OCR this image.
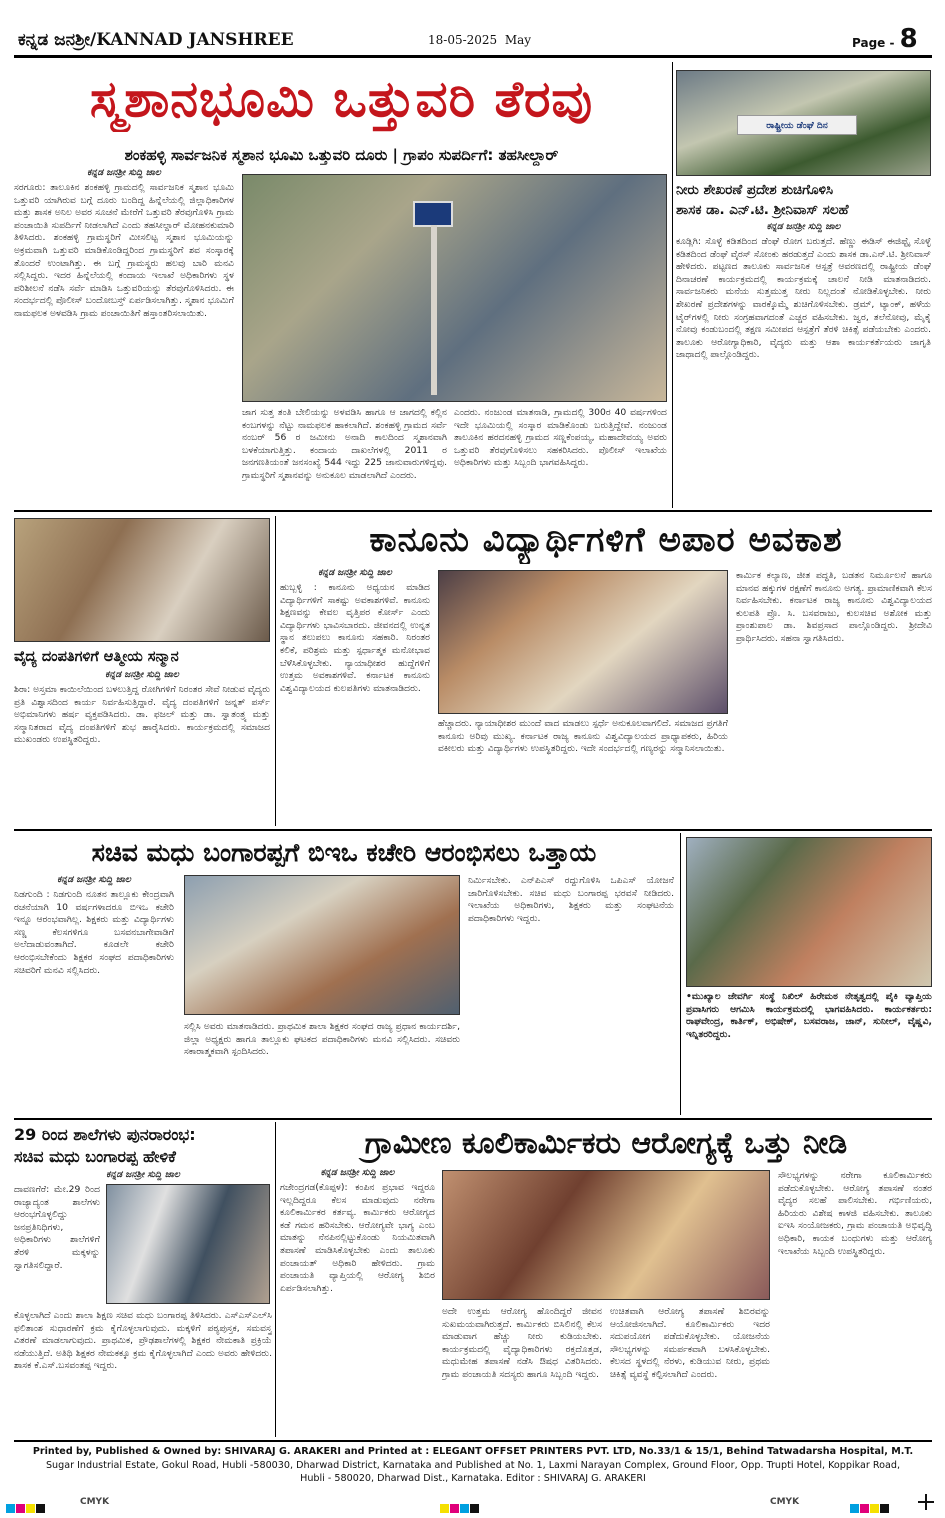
ಕನ್ನಡ ಜನಶ್ರೀ/KANNAD JANSHREE	18-05-2025 May	Page - 8
ಸ್ಮಶಾನಭೂಮಿ ಒತ್ತುವರಿ ತೆರವು
ಶಂಕಹಳ್ಳಿ ಸಾರ್ವಜನಿಕ ಸ್ಮಶಾನ ಭೂಮಿ ಒತ್ತುವರಿ ದೂರು | ಗ್ರಾಪಂ ಸುಪರ್ದಿಗೆ: ತಹಸೀಲ್ದಾರ್
ಕನ್ನಡ ಜನಶ್ರೀ ಸುದ್ದಿ ಜಾಲ
ಸರಗೂರು: ತಾಲೂಕಿನ ಶಂಕಹಳ್ಳಿ ಗ್ರಾಮದಲ್ಲಿ ಸಾರ್ವಜನಿಕ ಸ್ಮಶಾನ ಭೂಮಿ ಒತ್ತುವರಿ ಯಾಗಿರುವ ಬಗ್ಗೆ ದೂರು ಬಂದಿದ್ದ ಹಿನ್ನೆಲೆಯಲ್ಲಿ ಜಿಲ್ಲಾಧಿಕಾರಿಗಳ ಮತ್ತು ಶಾಸಕ ಅನಿಲ ಅವರ ಸೂಚನೆ ಮೇರೆಗೆ ಒತ್ತುವರಿ ತೆರವುಗೊಳಿಸಿ ಗ್ರಾಮ ಪಂಚಾಯಿತಿ ಸುಪರ್ದಿಗೆ ನೀಡಲಾಗಿದೆ ಎಂದು ತಹಸೀಲ್ದಾರ್ ಮೋಹನಕುಮಾರಿ ತಿಳಿಸಿದರು. ಶಂಕಹಳ್ಳಿ ಗ್ರಾಮಸ್ಥರಿಗೆ ಮೀಸಲಿಟ್ಟ ಸ್ಮಶಾನ ಭೂಮಿಯನ್ನು ಅಕ್ರಮವಾಗಿ ಒತ್ತುವರಿ ಮಾಡಿಕೊಂಡಿದ್ದರಿಂದ ಗ್ರಾಮಸ್ಥರಿಗೆ ಶವ ಸಂಸ್ಕಾರಕ್ಕೆ ತೊಂದರೆ ಉಂಟಾಗಿತ್ತು. ಈ ಬಗ್ಗೆ ಗ್ರಾಮಸ್ಥರು ಹಲವು ಬಾರಿ ಮನವಿ ಸಲ್ಲಿಸಿದ್ದರು. ಇದರ ಹಿನ್ನೆಲೆಯಲ್ಲಿ ಕಂದಾಯ ಇಲಾಖೆ ಅಧಿಕಾರಿಗಳು ಸ್ಥಳ ಪರಿಶೀಲನೆ ನಡೆಸಿ ಸರ್ವೆ ಮಾಡಿಸಿ ಒತ್ತುವರಿಯನ್ನು ತೆರವುಗೊಳಿಸಿದರು. ಈ ಸಂದರ್ಭದಲ್ಲಿ ಪೊಲೀಸ್ ಬಂದೋಬಸ್ತ್ ಏರ್ಪಡಿಸಲಾಗಿತ್ತು. ಸ್ಮಶಾನ ಭೂಮಿಗೆ ನಾಮಫಲಕ ಅಳವಡಿಸಿ ಗ್ರಾಮ ಪಂಚಾಯಿತಿಗೆ ಹಸ್ತಾಂತರಿಸಲಾಯಿತು.
ಜಾಗ ಸುತ್ತ ತಂತಿ ಬೇಲಿಯನ್ನು ಅಳವಡಿಸಿ ಹಾಗೂ ಆ ಜಾಗದಲ್ಲಿ ಕಲ್ಲಿನ ಕಂಬಗಳನ್ನು ನೆಟ್ಟು ನಾಮಫಲಕ ಹಾಕಲಾಗಿದೆ. ಶಂಕಹಳ್ಳಿ ಗ್ರಾಮದ ಸರ್ವೆ ನಂಬರ್ 56 ರ ಜಮೀನು ಅನಾದಿ ಕಾಲದಿಂದ ಸ್ಮಶಾನವಾಗಿ ಬಳಕೆಯಾಗುತ್ತಿತ್ತು. ಕಂದಾಯ ದಾಖಲೆಗಳಲ್ಲಿ 2011 ರ ಜನಗಣತಿಯಂತೆ ಜನಸಂಖ್ಯೆ 544 ಇದ್ದು 225 ಜಾನುವಾರುಗಳಿದ್ದವು. ಗ್ರಾಮಸ್ಥರಿಗೆ ಸ್ಮಶಾನವನ್ನು ಅನುಕೂಲ ಮಾಡಲಾಗಿದೆ ಎಂದರು.
ಎಂದರು. ನಂಜುಂಡ ಮಾತನಾಡಿ, ಗ್ರಾಮದಲ್ಲಿ 300ರ 40 ವರ್ಷಗಳಿಂದ ಇದೇ ಭೂಮಿಯಲ್ಲಿ ಸಂಸ್ಕಾರ ಮಾಡಿಕೊಂಡು ಬರುತ್ತಿದ್ದೇವೆ. ನಂಜುಂಡ ತಾಲೂಕಿನ ಹರದನಹಳ್ಳಿ ಗ್ರಾಮದ ಸಣ್ಣಕೆಂಪಯ್ಯ, ಮಹಾದೇವಯ್ಯ ಅವರು ಒತ್ತುವರಿ ತೆರವುಗೊಳಿಸಲು ಸಹಕರಿಸಿದರು. ಪೊಲೀಸ್ ಇಲಾಖೆಯ ಅಧಿಕಾರಿಗಳು ಮತ್ತು ಸಿಬ್ಬಂದಿ ಭಾಗವಹಿಸಿದ್ದರು.
ರಾಷ್ಟ್ರೀಯ ಡೆಂಘೆ ದಿನ
ನೀರು ಶೇಖರಣೆ ಪ್ರದೇಶ ಶುಚಿಗೊಳಿಸಿ
ಶಾಸಕ ಡಾ. ಎನ್.ಟಿ. ಶ್ರೀನಿವಾಸ್ ಸಲಹೆ
ಕನ್ನಡ ಜನಶ್ರೀ ಸುದ್ದಿ ಜಾಲ
ಕೂಡ್ಲಿಗಿ: ಸೊಳ್ಳೆ ಕಡಿತದಿಂದ ಡೆಂಘೆ ರೋಗ ಬರುತ್ತದೆ. ಹೆಣ್ಣು ಈಡಿಸ್ ಈಜಿಪ್ಟೈ ಸೊಳ್ಳೆ ಕಡಿತದಿಂದ ಡೆಂಘೆ ವೈರಸ್ ಸೋಂಕು ಹರಡುತ್ತದೆ ಎಂದು ಶಾಸಕ ಡಾ.ಎನ್.ಟಿ. ಶ್ರೀನಿವಾಸ್ ಹೇಳಿದರು. ಪಟ್ಟಣದ ತಾಲೂಕು ಸಾರ್ವಜನಿಕ ಆಸ್ಪತ್ರೆ ಆವರಣದಲ್ಲಿ ರಾಷ್ಟ್ರೀಯ ಡೆಂಘೆ ದಿನಾಚರಣೆ ಕಾರ್ಯಕ್ರಮದಲ್ಲಿ ಕಾರ್ಯಕ್ರಮಕ್ಕೆ ಚಾಲನೆ ನೀಡಿ ಮಾತನಾಡಿದರು. ಸಾರ್ವಜನಿಕರು ಮನೆಯ ಸುತ್ತಮುತ್ತ ನೀರು ನಿಲ್ಲದಂತೆ ನೋಡಿಕೊಳ್ಳಬೇಕು. ನೀರು ಶೇಖರಣೆ ಪ್ರದೇಶಗಳನ್ನು ವಾರಕ್ಕೊಮ್ಮೆ ಶುಚಿಗೊಳಿಸಬೇಕು. ಡ್ರಮ್, ಟ್ಯಾಂಕ್, ಹಳೆಯ ಟೈರ್‌ಗಳಲ್ಲಿ ನೀರು ಸಂಗ್ರಹವಾಗದಂತೆ ಎಚ್ಚರ ವಹಿಸಬೇಕು. ಜ್ವರ, ತಲೆನೋವು, ಮೈಕೈ ನೋವು ಕಂಡುಬಂದಲ್ಲಿ ತಕ್ಷಣ ಸಮೀಪದ ಆಸ್ಪತ್ರೆಗೆ ತೆರಳಿ ಚಿಕಿತ್ಸೆ ಪಡೆಯಬೇಕು ಎಂದರು. ತಾಲೂಕು ಆರೋಗ್ಯಾಧಿಕಾರಿ, ವೈದ್ಯರು ಮತ್ತು ಆಶಾ ಕಾರ್ಯಕರ್ತೆಯರು ಜಾಗೃತಿ ಜಾಥಾದಲ್ಲಿ ಪಾಲ್ಗೊಂಡಿದ್ದರು.
ವೈದ್ಯ ದಂಪತಿಗಳಿಗೆ ಆತ್ಮೀಯ ಸನ್ಮಾನ
ಕನ್ನಡ ಜನಶ್ರೀ ಸುದ್ದಿ ಜಾಲ
ಶಿರಾ: ಅಸ್ತಮಾ ಕಾಯಿಲೆಯಿಂದ ಬಳಲುತ್ತಿದ್ದ ರೋಗಿಗಳಿಗೆ ನಿರಂತರ ಸೇವೆ ನೀಡುವ ವೈದ್ಯರು ಪ್ರತಿ ವಿಶ್ವಾಸದಿಂದ ಕಾರ್ಯ ನಿರ್ವಹಿಸುತ್ತಿದ್ದಾರೆ. ವೈದ್ಯ ದಂಪತಿಗಳಿಗೆ ಜನ್ನತ್ ಪರ್ಸ್ ಅಭಿಮಾನಿಗಳು ಹರ್ಷ ವ್ಯಕ್ತಪಡಿಸಿದರು. ಡಾ. ಫಜಲ್ ಮತ್ತು ಡಾ. ಸ್ವಾತಂತ್ರ್ಯ ಮತ್ತು ಸನ್ಮಾನಿತರಾದ ವೈದ್ಯ ದಂಪತಿಗಳಿಗೆ ಶುಭ ಹಾರೈಸಿದರು. ಕಾರ್ಯಕ್ರಮದಲ್ಲಿ ಸಮಾಜದ ಮುಖಂಡರು ಉಪಸ್ಥಿತರಿದ್ದರು.
ಕಾನೂನು ವಿದ್ಯಾರ್ಥಿಗಳಿಗೆ ಅಪಾರ ಅವಕಾಶ
ಕನ್ನಡ ಜನಶ್ರೀ ಸುದ್ದಿ ಜಾಲ
ಹುಬ್ಬಳ್ಳಿ : ಕಾನೂನು ಅಧ್ಯಯನ ಮಾಡಿದ ವಿದ್ಯಾರ್ಥಿಗಳಿಗೆ ಸಾಕಷ್ಟು ಅವಕಾಶಗಳಿವೆ. ಕಾನೂನು ಶಿಕ್ಷಣವನ್ನು ಕೇವಲ ವೃತ್ತಿಪರ ಕೋರ್ಸ್ ಎಂದು ವಿದ್ಯಾರ್ಥಿಗಳು ಭಾವಿಸಬಾರದು. ಜೀವನದಲ್ಲಿ ಉನ್ನತ ಸ್ಥಾನ ತಲುಪಲು ಕಾನೂನು ಸಹಕಾರಿ. ನಿರಂತರ ಕಲಿಕೆ, ಪರಿಶ್ರಮ ಮತ್ತು ಸ್ಪರ್ಧಾತ್ಮಕ ಮನೋಭಾವ ಬೆಳೆಸಿಕೊಳ್ಳಬೇಕು. ನ್ಯಾಯಾಧೀಶರ ಹುದ್ದೆಗಳಿಗೆ ಉತ್ತಮ ಅವಕಾಶಗಳಿವೆ. ಕರ್ನಾಟಕ ಕಾನೂನು ವಿಶ್ವವಿದ್ಯಾಲಯದ ಕುಲಪತಿಗಳು ಮಾತನಾಡಿದರು.
ಹೆಚ್ಚಾದರು. ನ್ಯಾಯಾಧೀಶರ ಮುಂದೆ ವಾದ ಮಾಡಲು ಸ್ಪರ್ಧೆ ಅನುಕೂಲವಾಗಲಿದೆ. ಸಮಾಜದ ಪ್ರಗತಿಗೆ ಕಾನೂನು ಅರಿವು ಮುಖ್ಯ. ಕರ್ನಾಟಕ ರಾಜ್ಯ ಕಾನೂನು ವಿಶ್ವವಿದ್ಯಾಲಯದ ಪ್ರಾಧ್ಯಾಪಕರು, ಹಿರಿಯ ವಕೀಲರು ಮತ್ತು ವಿದ್ಯಾರ್ಥಿಗಳು ಉಪಸ್ಥಿತರಿದ್ದರು. ಇದೇ ಸಂದರ್ಭದಲ್ಲಿ ಗಣ್ಯರನ್ನು ಸನ್ಮಾನಿಸಲಾಯಿತು.
ಕಾರ್ಮಿಕ ಕಲ್ಯಾಣ, ಜೀತ ಪದ್ಧತಿ, ಬಡತನ ನಿರ್ಮೂಲನೆ ಹಾಗೂ ಮಾನವ ಹಕ್ಕುಗಳ ರಕ್ಷಣೆಗೆ ಕಾನೂನು ಅಗತ್ಯ. ಪ್ರಾಮಾಣಿಕವಾಗಿ ಕೆಲಸ ನಿರ್ವಹಿಸಬೇಕು. ಕರ್ನಾಟಕ ರಾಜ್ಯ ಕಾನೂನು ವಿಶ್ವವಿದ್ಯಾಲಯದ ಕುಲಪತಿ ಪ್ರೊ. ಸಿ. ಬಸವರಾಜು, ಕುಲಸಚಿವ ಅಶೋಕ ಮತ್ತು ಪ್ರಾಂಶುಪಾಲ ಡಾ. ಶಿವಪ್ರಸಾದ ಪಾಲ್ಗೊಂಡಿದ್ದರು. ಶ್ರೀದೇವಿ ಪ್ರಾರ್ಥಿಸಿದರು. ಸಹನಾ ಸ್ವಾಗತಿಸಿದರು.
ಸಚಿವ ಮಧು ಬಂಗಾರಪ್ಪಗೆ ಬಿಇಒ ಕಚೇರಿ ಆರಂಭಿಸಲು ಒತ್ತಾಯ
ಕನ್ನಡ ಜನಶ್ರೀ ಸುದ್ದಿ ಜಾಲ
ನಿಡಗುಂದಿ : ನಿಡಗುಂದಿ ನೂತನ ತಾಲ್ಲೂಕು ಕೇಂದ್ರವಾಗಿ ರಚನೆಯಾಗಿ 10 ವರ್ಷಗಳಾದರೂ ಬಿಇಒ ಕಚೇರಿ ಇನ್ನೂ ಆರಂಭವಾಗಿಲ್ಲ. ಶಿಕ್ಷಕರು ಮತ್ತು ವಿದ್ಯಾರ್ಥಿಗಳು ಸಣ್ಣ ಕೆಲಸಗಳಿಗೂ ಬಸವನಬಾಗೇವಾಡಿಗೆ ಅಲೆದಾಡುವಂತಾಗಿದೆ. ಕೂಡಲೇ ಕಚೇರಿ ಆರಂಭಿಸಬೇಕೆಂದು ಶಿಕ್ಷಕರ ಸಂಘದ ಪದಾಧಿಕಾರಿಗಳು ಸಚಿವರಿಗೆ ಮನವಿ ಸಲ್ಲಿಸಿದರು.
ಸಲ್ಲಿಸಿ ಅವರು ಮಾತನಾಡಿದರು. ಪ್ರಾಥಮಿಕ ಶಾಲಾ ಶಿಕ್ಷಕರ ಸಂಘದ ರಾಜ್ಯ ಪ್ರಧಾನ ಕಾರ್ಯದರ್ಶಿ, ಜಿಲ್ಲಾ ಅಧ್ಯಕ್ಷರು ಹಾಗೂ ತಾಲ್ಲೂಕು ಘಟಕದ ಪದಾಧಿಕಾರಿಗಳು ಮನವಿ ಸಲ್ಲಿಸಿದರು. ಸಚಿವರು ಸಕಾರಾತ್ಮಕವಾಗಿ ಸ್ಪಂದಿಸಿದರು.
ನಿರ್ಮಿಸಬೇಕು. ಎನ್‌ಪಿಎಸ್ ರದ್ದುಗೊಳಿಸಿ ಒಪಿಎಸ್ ಯೋಜನೆ ಜಾರಿಗೊಳಿಸಬೇಕು. ಸಚಿವ ಮಧು ಬಂಗಾರಪ್ಪ ಭರವಸೆ ನೀಡಿದರು. ಇಲಾಖೆಯ ಅಧಿಕಾರಿಗಳು, ಶಿಕ್ಷಕರು ಮತ್ತು ಸಂಘಟನೆಯ ಪದಾಧಿಕಾರಿಗಳು ಇದ್ದರು.
•ಮುಖ್ಯಾಲ ಜೇವರ್ಗಿ ಸಂಸ್ಥೆ ನಿಖಿಲ್ ಹಿರೇಮಠ ನೇತೃತ್ವದಲ್ಲಿ ಪೈಕಿ ವ್ಯಾಪ್ತಿಯ ಪ್ರವಾಸಿಗರು ಆಗಮಿಸಿ ಕಾರ್ಯಕ್ರಮದಲ್ಲಿ ಭಾಗವಹಿಸಿದರು. ಕಾರ್ಯಕರ್ತರು: ರಾಘವೇಂದ್ರ, ಕಾರ್ತಿಕ್, ಅಭಿಷೇಕ್, ಬಸವರಾಜ, ಜಾನ್, ಸುನೀಲ್, ವೈಷ್ಣವಿ, ಇನ್ನಿತರರಿದ್ದರು.
29 ರಿಂದ ಶಾಲೆಗಳು ಪುನರಾರಂಭ:
ಸಚಿವ ಮಧು ಬಂಗಾರಪ್ಪ ಹೇಳಿಕೆ
ಕನ್ನಡ ಜನಶ್ರೀ ಸುದ್ದಿ ಜಾಲ
ದಾವಣಗೆರೆ: ಮೇ.29 ರಿಂದ ರಾಜ್ಯಾದ್ಯಂತ ಶಾಲೆಗಳು ಆರಂಭಗೊಳ್ಳಲಿದ್ದು ಜನಪ್ರತಿನಿಧಿಗಳು, ಅಧಿಕಾರಿಗಳು ಶಾಲೆಗಳಿಗೆ ತೆರಳಿ ಮಕ್ಕಳನ್ನು ಸ್ವಾಗತಿಸಲಿದ್ದಾರೆ.
ಕೊಳ್ಳಲಾಗಿದೆ ಎಂದು ಶಾಲಾ ಶಿಕ್ಷಣ ಸಚಿವ ಮಧು ಬಂಗಾರಪ್ಪ ತಿಳಿಸಿದರು. ಎಸ್‌ಎಸ್‌ಎಲ್‌ಸಿ ಫಲಿತಾಂಶ ಸುಧಾರಣೆಗೆ ಕ್ರಮ ಕೈಗೊಳ್ಳಲಾಗುವುದು. ಮಕ್ಕಳಿಗೆ ಪಠ್ಯಪುಸ್ತಕ, ಸಮವಸ್ತ್ರ ವಿತರಣೆ ಮಾಡಲಾಗುವುದು. ಪ್ರಾಥಮಿಕ, ಪ್ರೌಢಶಾಲೆಗಳಲ್ಲಿ ಶಿಕ್ಷಕರ ನೇಮಕಾತಿ ಪ್ರಕ್ರಿಯೆ ನಡೆಯುತ್ತಿದೆ. ಅತಿಥಿ ಶಿಕ್ಷಕರ ನೇಮಕಕ್ಕೂ ಕ್ರಮ ಕೈಗೊಳ್ಳಲಾಗಿದೆ ಎಂದು ಅವರು ಹೇಳಿದರು. ಶಾಸಕ ಕೆ.ಎಸ್.ಬಸವಂತಪ್ಪ ಇದ್ದರು.
ಗ್ರಾಮೀಣ ಕೂಲಿಕಾರ್ಮಿಕರು ಆರೋಗ್ಯಕ್ಕೆ ಒತ್ತು ನೀಡಿ
ಕನ್ನಡ ಜನಶ್ರೀ ಸುದ್ದಿ ಜಾಲ
ಗಜೇಂದ್ರಗಡ(ಕೊಪ್ಪಳ): ಕಂಪಿನ ಪ್ರಭಾವ ಇದ್ದರೂ ಇಲ್ಲದಿದ್ದರೂ ಕೆಲಸ ಮಾಡುವುದು ನರೇಗಾ ಕೂಲಿಕಾರ್ಮಿಕರ ಕರ್ತವ್ಯ. ಕಾರ್ಮಿಕರು ಆರೋಗ್ಯದ ಕಡೆ ಗಮನ ಹರಿಸಬೇಕು. ಆರೋಗ್ಯವೇ ಭಾಗ್ಯ ಎಂಬ ಮಾತನ್ನು ನೆನಪಿನಲ್ಲಿಟ್ಟುಕೊಂಡು ನಿಯಮಿತವಾಗಿ ತಪಾಸಣೆ ಮಾಡಿಸಿಕೊಳ್ಳಬೇಕು ಎಂದು ತಾಲೂಕು ಪಂಚಾಯತ್ ಅಧಿಕಾರಿ ಹೇಳಿದರು. ಗ್ರಾಮ ಪಂಚಾಯತಿ ವ್ಯಾಪ್ತಿಯಲ್ಲಿ ಆರೋಗ್ಯ ಶಿಬಿರ ಏರ್ಪಡಿಸಲಾಗಿತ್ತು.
ಅದೇ ಉತ್ತಮ ಆರೋಗ್ಯ ಹೊಂದಿದ್ದರೆ ಜೀವನ ಸುಖಮಯವಾಗಿರುತ್ತದೆ. ಕಾರ್ಮಿಕರು ಬಿಸಿಲಿನಲ್ಲಿ ಕೆಲಸ ಮಾಡುವಾಗ ಹೆಚ್ಚು ನೀರು ಕುಡಿಯಬೇಕು. ಕಾರ್ಯಕ್ರಮದಲ್ಲಿ ವೈದ್ಯಾಧಿಕಾರಿಗಳು ರಕ್ತದೊತ್ತಡ, ಮಧುಮೇಹ ತಪಾಸಣೆ ನಡೆಸಿ ಔಷಧ ವಿತರಿಸಿದರು. ಗ್ರಾಮ ಪಂಚಾಯತಿ ಸದಸ್ಯರು ಹಾಗೂ ಸಿಬ್ಬಂದಿ ಇದ್ದರು.
ಉಚಿತವಾಗಿ ಆರೋಗ್ಯ ತಪಾಸಣೆ ಶಿಬಿರವನ್ನು ಆಯೋಜಿಸಲಾಗಿದೆ. ಕೂಲಿಕಾರ್ಮಿಕರು ಇದರ ಸದುಪಯೋಗ ಪಡೆದುಕೊಳ್ಳಬೇಕು. ಯೋಜನೆಯ ಸೌಲಭ್ಯಗಳನ್ನು ಸಮರ್ಪಕವಾಗಿ ಬಳಸಿಕೊಳ್ಳಬೇಕು. ಕೆಲಸದ ಸ್ಥಳದಲ್ಲಿ ನೆರಳು, ಕುಡಿಯುವ ನೀರು, ಪ್ರಥಮ ಚಿಕಿತ್ಸೆ ವ್ಯವಸ್ಥೆ ಕಲ್ಪಿಸಲಾಗಿದೆ ಎಂದರು.
ಸೌಲಭ್ಯಗಳನ್ನು ನರೇಗಾ ಕೂಲಿಕಾರ್ಮಿಕರು ಪಡೆದುಕೊಳ್ಳಬೇಕು. ಆರೋಗ್ಯ ತಪಾಸಣೆ ನಂತರ ವೈದ್ಯರ ಸಲಹೆ ಪಾಲಿಸಬೇಕು. ಗರ್ಭಿಣಿಯರು, ಹಿರಿಯರು ವಿಶೇಷ ಕಾಳಜಿ ವಹಿಸಬೇಕು. ತಾಲೂಕು ಐಇಸಿ ಸಂಯೋಜಕರು, ಗ್ರಾಮ ಪಂಚಾಯತಿ ಅಭಿವೃದ್ಧಿ ಅಧಿಕಾರಿ, ಕಾಯಕ ಬಂಧುಗಳು ಮತ್ತು ಆರೋಗ್ಯ ಇಲಾಖೆಯ ಸಿಬ್ಬಂದಿ ಉಪಸ್ಥಿತರಿದ್ದರು.
Printed by, Published & Owned by: SHIVARAJ G. ARAKERI and Printed at : ELEGANT OFFSET PRINTERS PVT. LTD, No.33/1 & 15/1, Behind Tatwadarsha Hospital, M.T.
Sugar Industrial Estate, Gokul Road, Hubli -580030, Dharwad District, Karnataka and Published at No. 1, Laxmi Narayan Complex, Ground Floor, Opp. Trupti Hotel, Koppikar Road,
Hubli - 580020, Dharwad Dist., Karnataka. Editor : SHIVARAJ G. ARAKERI
CMYK	CMYK
